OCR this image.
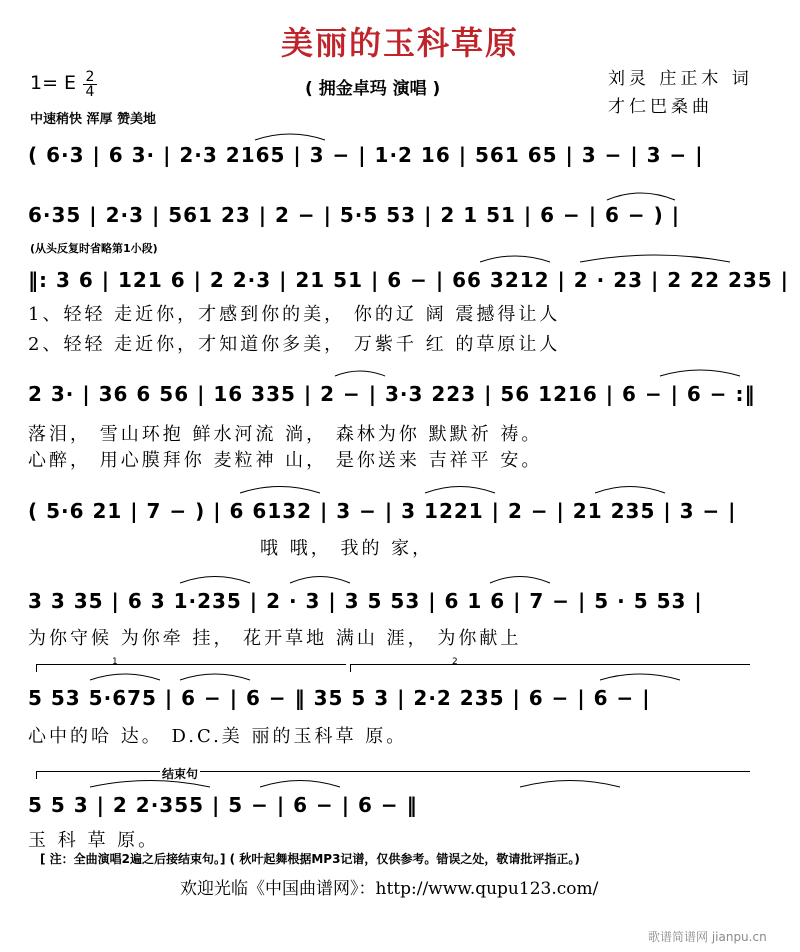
美丽的玉科草原
( 拥金卓玛 演唱 )	刘灵 庄正木 词
才仁巴桑曲
1= E $\frac{2}{4}$
中速稍快 浑厚 赞美地
( 6·3 | 6 3· | 2·3 2165 | 3 − | 1·2 16 | 561 65 | 3 − | 3 − |
6·35 | 2·3 | 561 23 | 2 − | 5·5 53 | 2 1 51 | 6 − | 6 − ) |
(从头反复时省略第1小段)
‖: 3 6 | 121 6 | 2 2·3 | 21 51 | 6 − | 66 3212 | 2 · 23 | 2 22 235 |
1、轻轻 走近你，才感到你的美， 你的辽 阔 震撼得让人
2、轻轻 走近你，才知道你多美， 万紫千 红 的草原让人
2 3· | 36 6 56 | 16 335 | 2 − | 3·3 223 | 56 1216 | 6 − | 6 − :‖
落泪， 雪山环抱 鲜水河流 淌， 森林为你 默默祈 祷。
心醉， 用心膜拜你 麦粒神 山， 是你送来 吉祥平 安。
( 5·6 21 | 7 − ) | 6 6132 | 3 − | 3 1221 | 2 − | 21 235 | 3 − |
哦 哦， 我的 家，
3 3 35 | 6 3 1·235 | 2 · 3 | 3 5 53 | 6 1 6 | 7 − | 5 · 5 53 |
为你守候 为你牵 挂， 花开草地 满山 涯， 为你献上
1	2
5 53 5·675 | 6 − | 6 − ‖ 35 5 3 | 2·2 235 | 6 − | 6 − |
心中的哈 达。 D.C.美 丽的玉科草 原。
结束句
5 5 3 | 2 2·355 | 5 − | 6 − | 6 − ‖
玉 科 草 原。
[ 注：全曲演唱2遍之后接结束句。] ( 秋叶起舞根据MP3记谱，仅供参考。错误之处，敬请批评指正。)
欢迎光临《中国曲谱网》：http://www.qupu123.com/
歌谱简谱网 jianpu.cn
